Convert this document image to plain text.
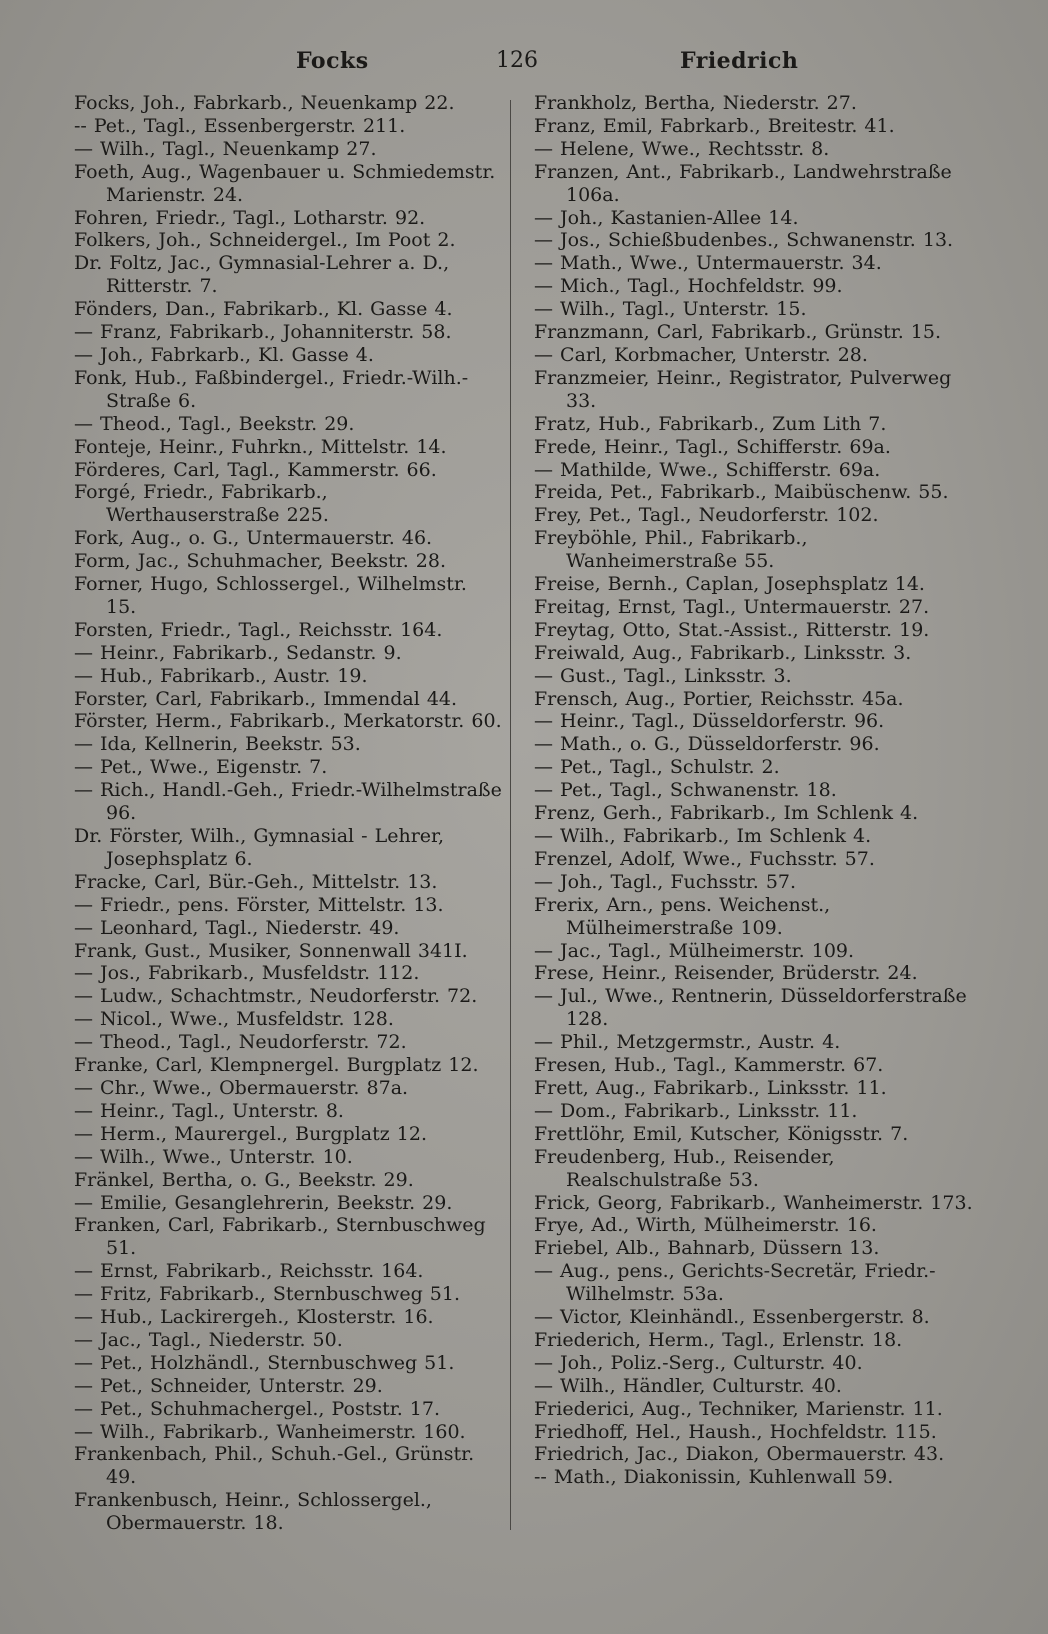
Focks	126	Friedrich

Focks, Joh., Fabrkarb., Neuenkamp 22.

-- Pet., Tagl., Essenbergerstr. 211.

— Wilh., Tagl., Neuenkamp 27.

Foeth, Aug., Wagenbauer u. Schmiedemstr. Marienstr. 24.

Fohren, Friedr., Tagl., Lotharstr. 92.

Folkers, Joh., Schneidergel., Im Poot 2.

Dr. Foltz, Jac., Gymnasial-Lehrer a. D., Ritterstr. 7.

Fönders, Dan., Fabrikarb., Kl. Gasse 4.

— Franz, Fabrikarb., Johanniterstr. 58.

— Joh., Fabrkarb., Kl. Gasse 4.

Fonk, Hub., Faßbindergel., Friedr.-Wilh.-Straße 6.

— Theod., Tagl., Beekstr. 29.

Fonteje, Heinr., Fuhrkn., Mittelstr. 14.

Förderes, Carl, Tagl., Kammerstr. 66.

Forgé, Friedr., Fabrikarb., Werthauserstraße 225.

Fork, Aug., o. G., Untermauerstr. 46.

Form, Jac., Schuhmacher, Beekstr. 28.

Forner, Hugo, Schlossergel., Wilhelmstr. 15.

Forsten, Friedr., Tagl., Reichsstr. 164.

— Heinr., Fabrikarb., Sedanstr. 9.

— Hub., Fabrikarb., Austr. 19.

Forster, Carl, Fabrikarb., Immendal 44.

Förster, Herm., Fabrikarb., Merkatorstr. 60.

— Ida, Kellnerin, Beekstr. 53.

— Pet., Wwe., Eigenstr. 7.

— Rich., Handl.-Geh., Friedr.-Wilhelmstraße 96.

Dr. Förster, Wilh., Gymnasial - Lehrer, Josephsplatz 6.

Fracke, Carl, Bür.-Geh., Mittelstr. 13.

— Friedr., pens. Förster, Mittelstr. 13.

— Leonhard, Tagl., Niederstr. 49.

Frank, Gust., Musiker, Sonnenwall 341I.

— Jos., Fabrikarb., Musfeldstr. 112.

— Ludw., Schachtmstr., Neudorferstr. 72.

— Nicol., Wwe., Musfeldstr. 128.

— Theod., Tagl., Neudorferstr. 72.

Franke, Carl, Klempnergel. Burgplatz 12.

— Chr., Wwe., Obermauerstr. 87a.

— Heinr., Tagl., Unterstr. 8.

— Herm., Maurergel., Burgplatz 12.

— Wilh., Wwe., Unterstr. 10.

Fränkel, Bertha, o. G., Beekstr. 29.

— Emilie, Gesanglehrerin, Beekstr. 29.

Franken, Carl, Fabrikarb., Sternbuschweg 51.

— Ernst, Fabrikarb., Reichsstr. 164.

— Fritz, Fabrikarb., Sternbuschweg 51.

— Hub., Lackirergeh., Klosterstr. 16.

— Jac., Tagl., Niederstr. 50.

— Pet., Holzhändl., Sternbuschweg 51.

— Pet., Schneider, Unterstr. 29.

— Pet., Schuhmachergel., Poststr. 17.

— Wilh., Fabrikarb., Wanheimerstr. 160.

Frankenbach, Phil., Schuh.-Gel., Grünstr. 49.

Frankenbusch, Heinr., Schlossergel., Obermauerstr. 18.

Frankholz, Bertha, Niederstr. 27.

Franz, Emil, Fabrkarb., Breitestr. 41.

— Helene, Wwe., Rechtsstr. 8.

Franzen, Ant., Fabrikarb., Landwehrstraße 106a.

— Joh., Kastanien-Allee 14.

— Jos., Schießbudenbes., Schwanenstr. 13.

— Math., Wwe., Untermauerstr. 34.

— Mich., Tagl., Hochfeldstr. 99.

— Wilh., Tagl., Unterstr. 15.

Franzmann, Carl, Fabrikarb., Grünstr. 15.

— Carl, Korbmacher, Unterstr. 28.

Franzmeier, Heinr., Registrator, Pulverweg 33.

Fratz, Hub., Fabrikarb., Zum Lith 7.

Frede, Heinr., Tagl., Schifferstr. 69a.

— Mathilde, Wwe., Schifferstr. 69a.

Freida, Pet., Fabrikarb., Maibüschenw. 55.

Frey, Pet., Tagl., Neudorferstr. 102.

Freyböhle, Phil., Fabrikarb., Wanheimerstraße 55.

Freise, Bernh., Caplan, Josephsplatz 14.

Freitag, Ernst, Tagl., Untermauerstr. 27.

Freytag, Otto, Stat.-Assist., Ritterstr. 19.

Freiwald, Aug., Fabrikarb., Linksstr. 3.

— Gust., Tagl., Linksstr. 3.

Frensch, Aug., Portier, Reichsstr. 45a.

— Heinr., Tagl., Düsseldorferstr. 96.

— Math., o. G., Düsseldorferstr. 96.

— Pet., Tagl., Schulstr. 2.

— Pet., Tagl., Schwanenstr. 18.

Frenz, Gerh., Fabrikarb., Im Schlenk 4.

— Wilh., Fabrikarb., Im Schlenk 4.

Frenzel, Adolf, Wwe., Fuchsstr. 57.

— Joh., Tagl., Fuchsstr. 57.

Frerix, Arn., pens. Weichenst., Mülheimerstraße 109.

— Jac., Tagl., Mülheimerstr. 109.

Frese, Heinr., Reisender, Brüderstr. 24.

— Jul., Wwe., Rentnerin, Düsseldorferstraße 128.

— Phil., Metzgermstr., Austr. 4.

Fresen, Hub., Tagl., Kammerstr. 67.

Frett, Aug., Fabrikarb., Linksstr. 11.

— Dom., Fabrikarb., Linksstr. 11.

Frettlöhr, Emil, Kutscher, Königsstr. 7.

Freudenberg, Hub., Reisender, Realschulstraße 53.

Frick, Georg, Fabrikarb., Wanheimerstr. 173.

Frye, Ad., Wirth, Mülheimerstr. 16.

Friebel, Alb., Bahnarb, Düssern 13.

— Aug., pens., Gerichts-Secretär, Friedr.-Wilhelmstr. 53a.

— Victor, Kleinhändl., Essenbergerstr. 8.

Friederich, Herm., Tagl., Erlenstr. 18.

— Joh., Poliz.-Serg., Culturstr. 40.

— Wilh., Händler, Culturstr. 40.

Friederici, Aug., Techniker, Marienstr. 11.

Friedhoff, Hel., Haush., Hochfeldstr. 115.

Friedrich, Jac., Diakon, Obermauerstr. 43.

-- Math., Diakonissin, Kuhlenwall 59.
